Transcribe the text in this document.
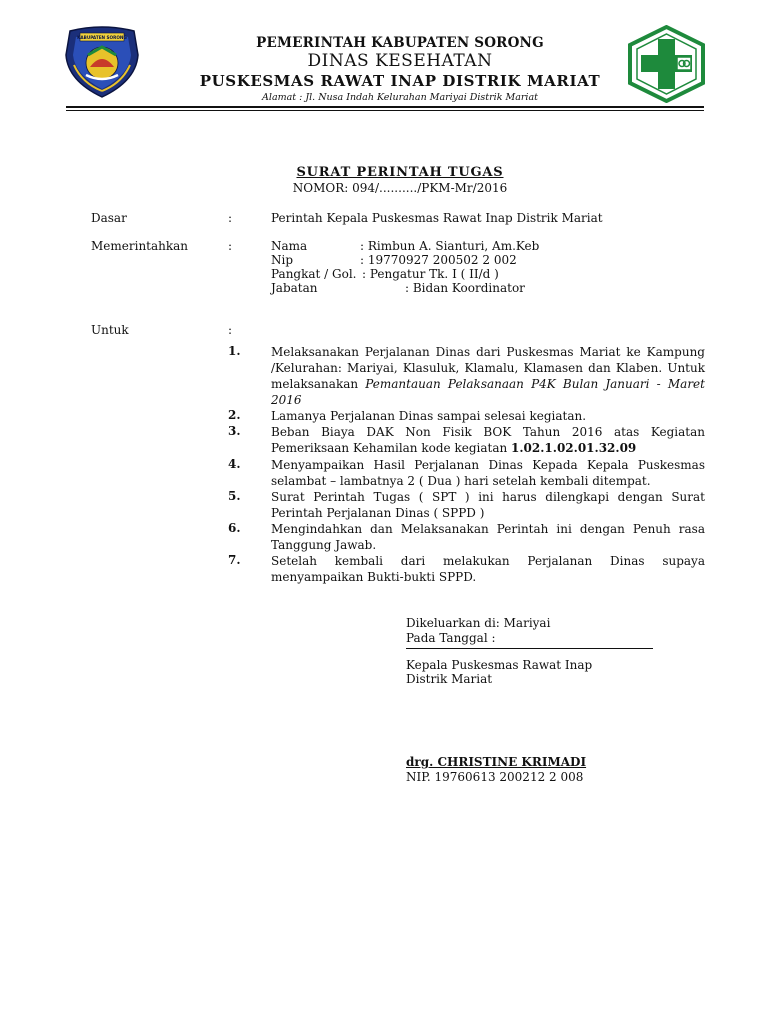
KABUPATEN SORONG	PEMERINTAH KABUPATEN SORONG
DINAS KESEHATAN
PUSKESMAS RAWAT INAP DISTRIK MARIAT
Alamat : Jl. Nusa Indah Kelurahan Mariyai Distrik Mariat
SURAT PERINTAH TUGAS
NOMOR: 094/........../PKM-Mr/2016
Dasar	:	Perintah Kepala Puskesmas Rawat Inap Distrik Mariat
Memerintahkan	:	Nama	: Rimbun A. Sianturi, Am.Keb
Nip	: 19770927 200502 2 002
Pangkat / Gol. : Pengatur Tk. I ( II/d )
Jabatan	: Bidan Koordinator
Untuk	:
1.	Melaksanakan Perjalanan Dinas dari Puskesmas Mariat ke Kampung /Kelurahan: Mariyai, Klasuluk, Klamalu, Klamasen dan Klaben. Untuk melaksanakan Pemantauan Pelaksanaan P4K Bulan Januari - Maret 2016
2.	Lamanya Perjalanan Dinas sampai selesai kegiatan.
3.	Beban Biaya DAK Non Fisik BOK Tahun 2016 atas Kegiatan Pemeriksaan Kehamilan kode kegiatan 1.02.1.02.01.32.09
4.	Menyampaikan Hasil Perjalanan Dinas Kepada Kepala Puskesmas selambat – lambatnya 2 ( Dua ) hari setelah kembali ditempat.
5.	Surat Perintah Tugas ( SPT ) ini harus dilengkapi dengan Surat Perintah Perjalanan Dinas ( SPPD )
6.	Mengindahkan dan Melaksanakan Perintah ini dengan Penuh rasa Tanggung Jawab.
7.	Setelah kembali dari melakukan Perjalanan Dinas supaya menyampaikan Bukti-bukti SPPD.
Dikeluarkan di: Mariyai
Pada Tanggal :
Kepala Puskesmas Rawat Inap
Distrik Mariat
drg. CHRISTINE KRIMADI
NIP. 19760613 200212 2 008
